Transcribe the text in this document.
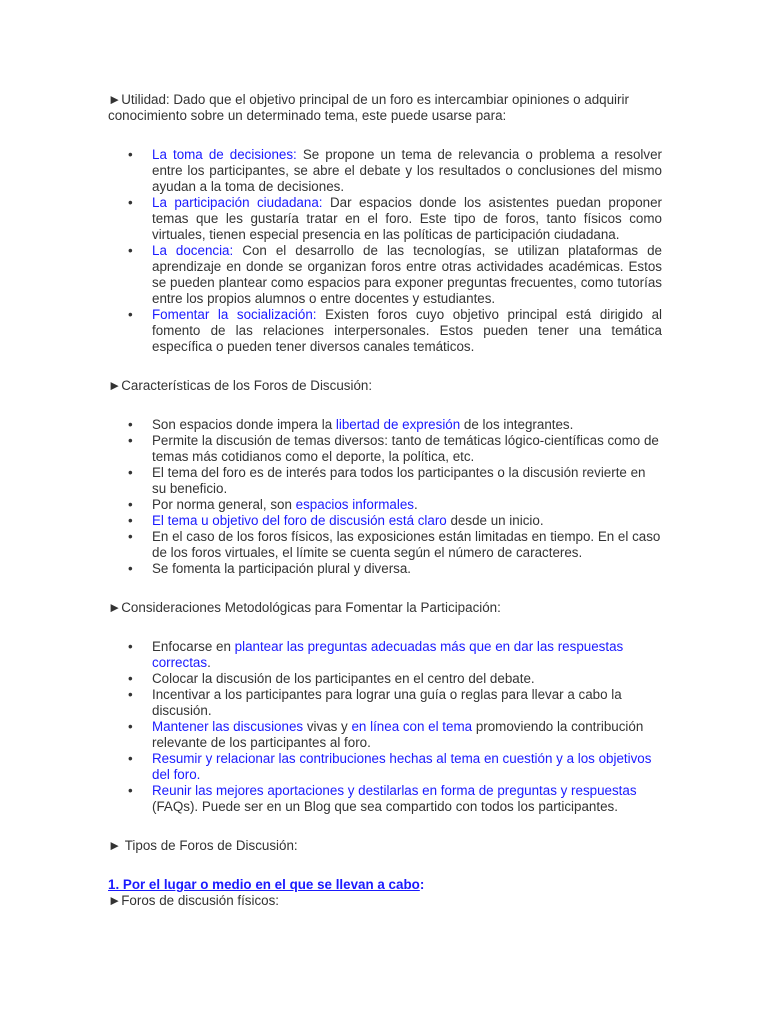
►Utilidad: Dado que el objetivo principal de un foro es intercambiar opiniones o adquirir conocimiento sobre un determinado tema, este puede usarse para:

• La toma de decisiones: Se propone un tema de relevancia o problema a resolver entre los participantes, se abre el debate y los resultados o conclusiones del mismo ayudan a la toma de decisiones.
• La participación ciudadana: Dar espacios donde los asistentes puedan proponer temas que les gustaría tratar en el foro. Este tipo de foros, tanto físicos como virtuales, tienen especial presencia en las políticas de participación ciudadana.
• La docencia: Con el desarrollo de las tecnologías, se utilizan plataformas de aprendizaje en donde se organizan foros entre otras actividades académicas. Estos se pueden plantear como espacios para exponer preguntas frecuentes, como tutorías entre los propios alumnos o entre docentes y estudiantes.
• Fomentar la socialización: Existen foros cuyo objetivo principal está dirigido al fomento de las relaciones interpersonales. Estos pueden tener una temática específica o pueden tener diversos canales temáticos.

►Características de los Foros de Discusión:

• Son espacios donde impera la libertad de expresión de los integrantes.
• Permite la discusión de temas diversos: tanto de temáticas lógico-científicas como de temas más cotidianos como el deporte, la política, etc.
• El tema del foro es de interés para todos los participantes o la discusión revierte en su beneficio.
• Por norma general, son espacios informales.
• El tema u objetivo del foro de discusión está claro desde un inicio.
• En el caso de los foros físicos, las exposiciones están limitadas en tiempo. En el caso de los foros virtuales, el límite se cuenta según el número de caracteres.
• Se fomenta la participación plural y diversa.

►Consideraciones Metodológicas para Fomentar la Participación:

• Enfocarse en plantear las preguntas adecuadas más que en dar las respuestas correctas.
• Colocar la discusión de los participantes en el centro del debate.
• Incentivar a los participantes para lograr una guía o reglas para llevar a cabo la discusión.
• Mantener las discusiones vivas y en línea con el tema promoviendo la contribución relevante de los participantes al foro.
• Resumir y relacionar las contribuciones hechas al tema en cuestión y a los objetivos del foro.
• Reunir las mejores aportaciones y destilarlas en forma de preguntas y respuestas (FAQs). Puede ser en un Blog que sea compartido con todos los participantes.

► Tipos de Foros de Discusión:

1. Por el lugar o medio en el que se llevan a cabo:

►Foros de discusión físicos:
